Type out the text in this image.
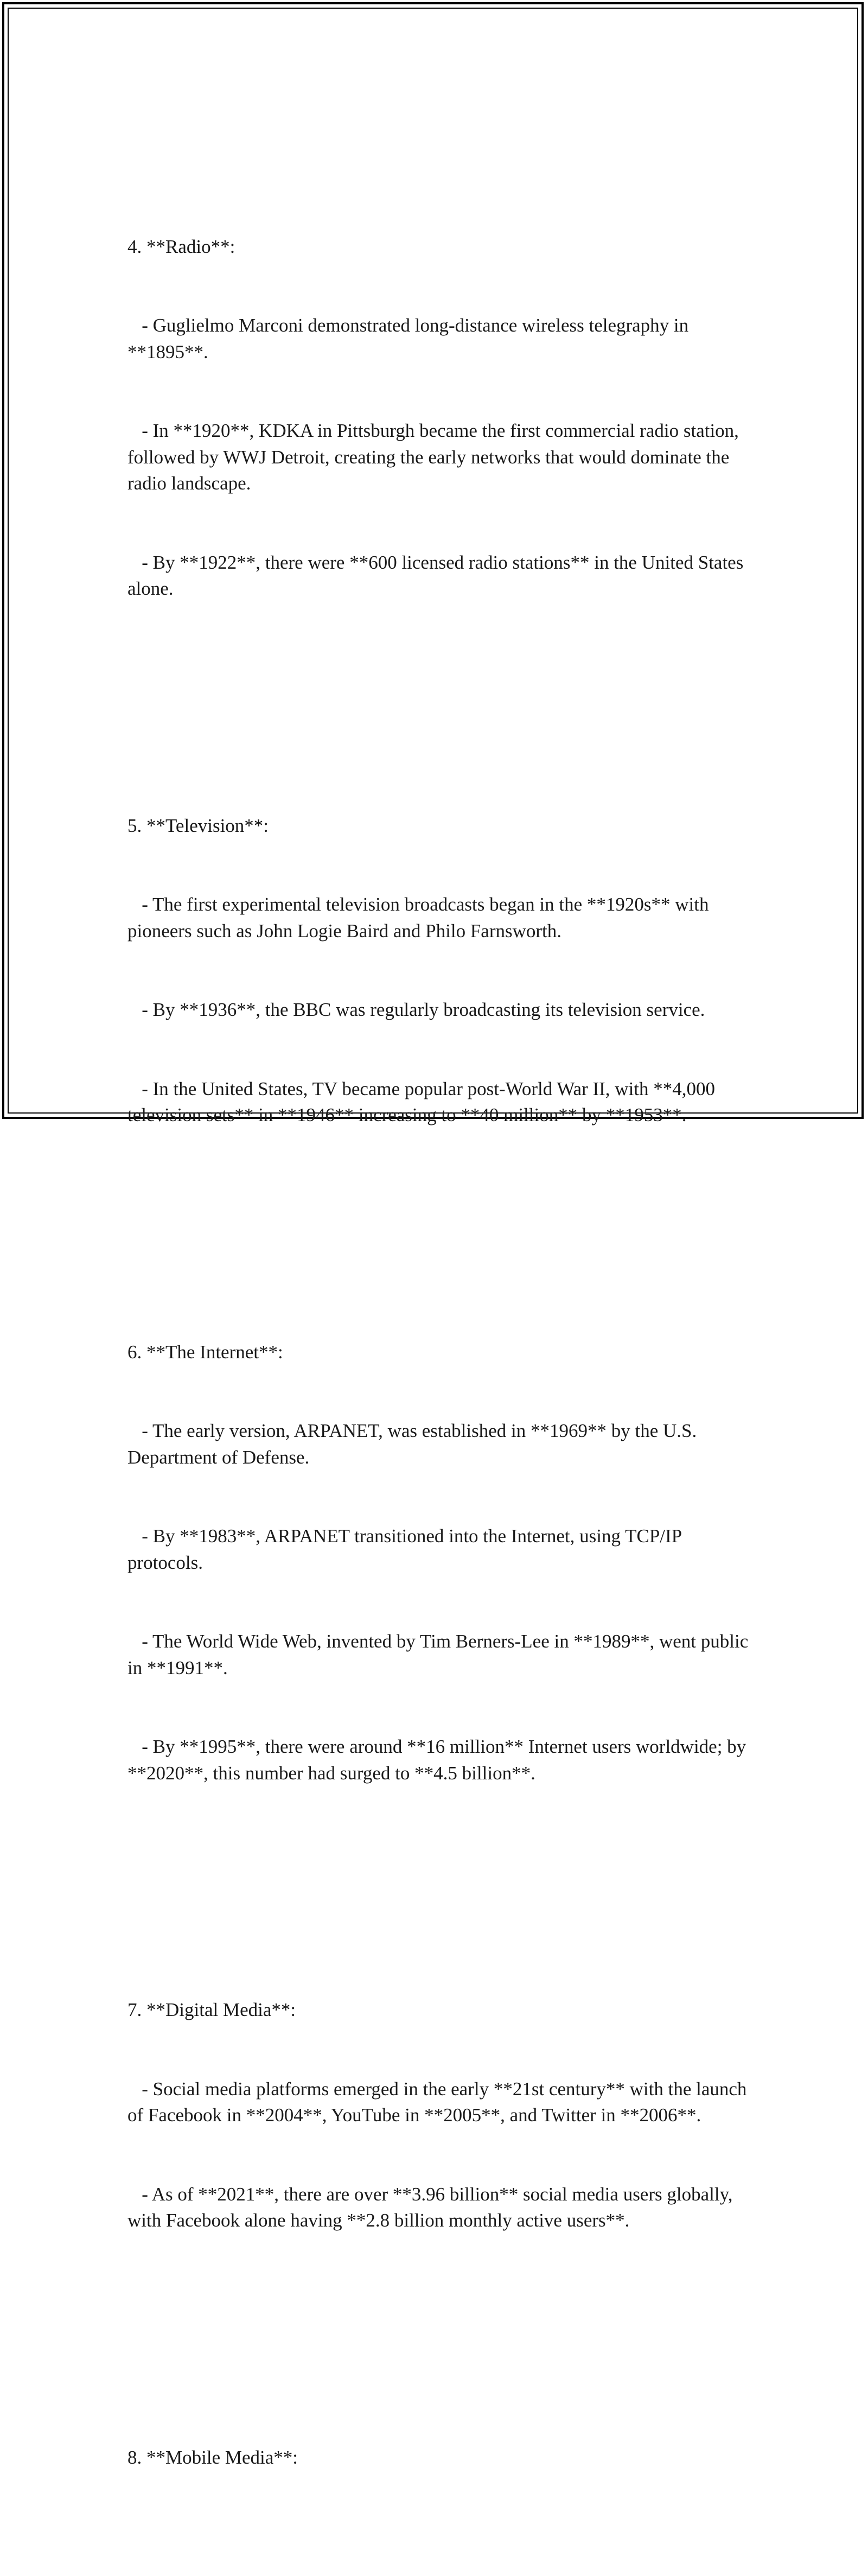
4. **Radio**:

- Guglielmo Marconi demonstrated long-distance wireless telegraphy in **1895**.

- In **1920**, KDKA in Pittsburgh became the first commercial radio station, followed by WWJ Detroit, creating the early networks that would dominate the radio landscape.

- By **1922**, there were **600 licensed radio stations** in the United States alone.

5. **Television**:

- The first experimental television broadcasts began in the **1920s** with pioneers such as John Logie Baird and Philo Farnsworth.

- By **1936**, the BBC was regularly broadcasting its television service.

- In the United States, TV became popular post-World War II, with **4,000 television sets** in **1946** increasing to **40 million** by **1953**.

6. **The Internet**:

- The early version, ARPANET, was established in **1969** by the U.S. Department of Defense.

- By **1983**, ARPANET transitioned into the Internet, using TCP/IP protocols.

- The World Wide Web, invented by Tim Berners-Lee in **1989**, went public in **1991**.

- By **1995**, there were around **16 million** Internet users worldwide; by **2020**, this number had surged to **4.5 billion**.

7. **Digital Media**:

- Social media platforms emerged in the early **21st century** with the launch of Facebook in **2004**, YouTube in **2005**, and Twitter in **2006**.

- As of **2021**, there are over **3.96 billion** social media users globally, with Facebook alone having **2.8 billion monthly active users**.

8. **Mobile Media**:
